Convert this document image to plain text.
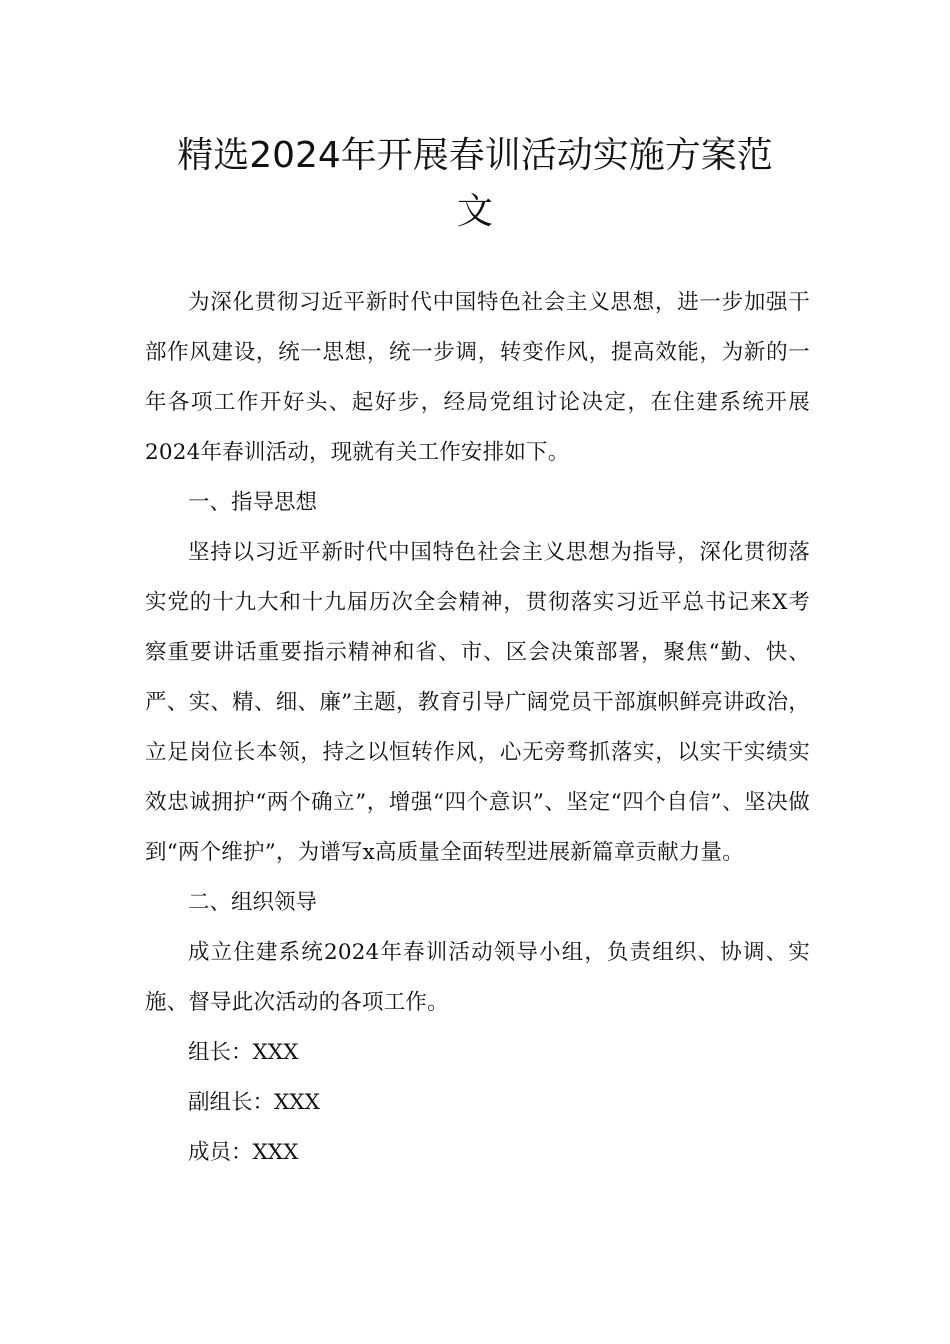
精选2024年开展春训活动实施方案范
文

为深化贯彻习近平新时代中国特色社会主义思想，进一步加强干部作风建设，统一思想，统一步调，转变作风，提高效能，为新的一年各项工作开好头、起好步，经局党组讨论决定，在住建系统开展2024年春训活动，现就有关工作安排如下。

一、指导思想

坚持以习近平新时代中国特色社会主义思想为指导，深化贯彻落实党的十九大和十九届历次全会精神，贯彻落实习近平总书记来X考察重要讲话重要指示精神和省、市、区会决策部署，聚焦“勤、快、严、实、精、细、廉”主题，教育引导广阔党员干部旗帜鲜亮讲政治，立足岗位长本领，持之以恒转作风，心无旁骛抓落实，以实干实绩实效忠诚拥护“两个确立”，增强“四个意识”、坚定“四个自信”、坚决做到“两个维护”，为谱写x高质量全面转型进展新篇章贡献力量。

二、组织领导

成立住建系统2024年春训活动领导小组，负责组织、协调、实施、督导此次活动的各项工作。

组长：XXX

副组长：XXX

成员：XXX
